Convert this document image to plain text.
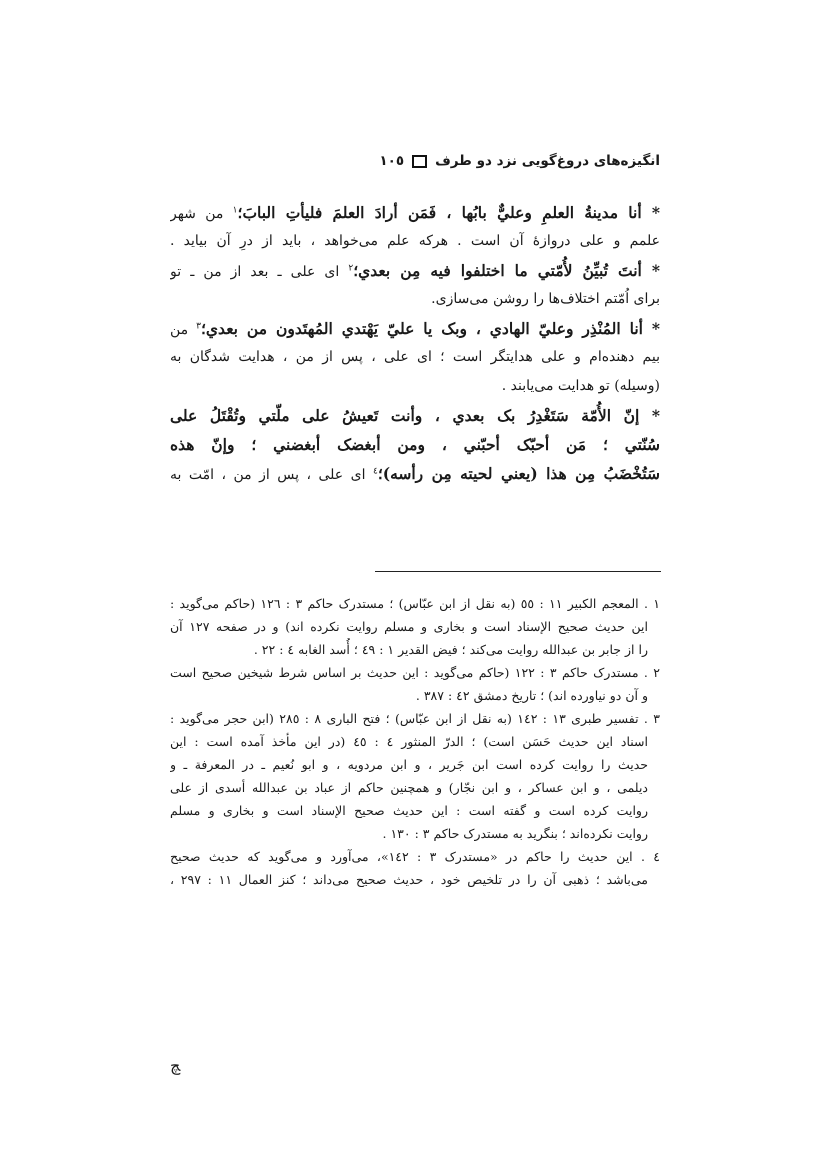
انگیزه‌های دروغ‌گویی نزد دو طرف
١٠٥
* أنا مدينةُ العلمِ وعليٌّ بابُها ، فَمَن أرادَ العلمَ فليأتِ البابَ؛$^١$ من شهر
علمم و علی دروازهٔ آن است . هرکه علم می‌خواهد ، باید از درِ آن بیاید .
* أنتَ تُبيِّنُ لأُمّتي ما اختلفوا فيه مِن بعدي؛$^٢$ ای علی ـ بعد از من ـ تو
برای اُمّتم اختلاف‌ها را روشن می‌سازی.
* أنا المُنْذِر وعليّ الهادي ، وبک يا عليّ يَهْتدي المُهتَدون من بعدي؛$^٣$ من
بیم دهنده‌ام و علی هدایتگر است ؛ ای علی ، پس از من ، هدایت شدگان به
(وسیله) تو هدایت می‌یابند .
* إنّ الأُمّة سَتَغْدِرُ بک بعدي ، وأنت تَعيشُ على ملّتي وتُقْتَلُ على
سُنّتي ؛ مَن أحبّک أحبّني ، ومن أبغضک أبغضني ؛ وإنّ هذه
سَتُخْضَبُ مِن هذا (يعني لحيته مِن رأسه)؛$^٤$ ای علی ، پس از من ، امّت به
١ . المعجم الكبير ١١ : ٥٥ (به نقل از ابن عبّاس) ؛ مستدرک حاکم ٣ : ١٢٦ (حاکم می‌گوید :
این حدیث صحیح الإسناد است و بخاری و مسلم روایت نکرده اند) و در صفحه ١٢٧ آن
را از جابر بن عبدالله روایت می‌کند ؛ فیض القدیر ١ : ٤٩ ؛ أُسد الغابه ٤ : ٢٢ .
٢ . مستدرک حاکم ٣ : ١٢٢ (حاکم می‌گوید : این حدیث بر اساس شرط شیخین صحیح است
و آن دو نیاورده اند) ؛ تاریخ دمشق ٤٢ : ٣٨٧ .
٣ . تفسیر طبری ١٣ : ١٤٢ (به نقل از ابن عبّاس) ؛ فتح الباری ٨ : ٢٨٥ (ابن حجر می‌گوید :
اسناد این حدیث حَسَن است) ؛ الدرّ المنثور ٤ : ٤٥ (در این مأخذ آمده است : این
حدیث را روایت کرده است ابن جَریر ، و ابن مردویه ، و ابو نُعیم ـ در المعرفة ـ و
دیلمی ، و ابن عساکر ، و ابن نجّار) و همچنین حاکم از عباد بن عبدالله أسدی از علی
روایت کرده است و گفته است : این حدیث صحیح الإسناد است و بخاری و مسلم
روایت نکرده‌اند ؛ بنگرید به مستدرک حاکم ٣ : ١٣٠ .
٤ . این حدیث را حاکم در «مستدرک ٣ : ١٤٢»، می‌آورد و می‌گوید که حدیث صحیح
می‌باشد ؛ ذهبی آن را در تلخیص خود ، حدیث صحیح می‌داند ؛ کنز العمال ١١ : ٢٩٧ ،
ﭻ
